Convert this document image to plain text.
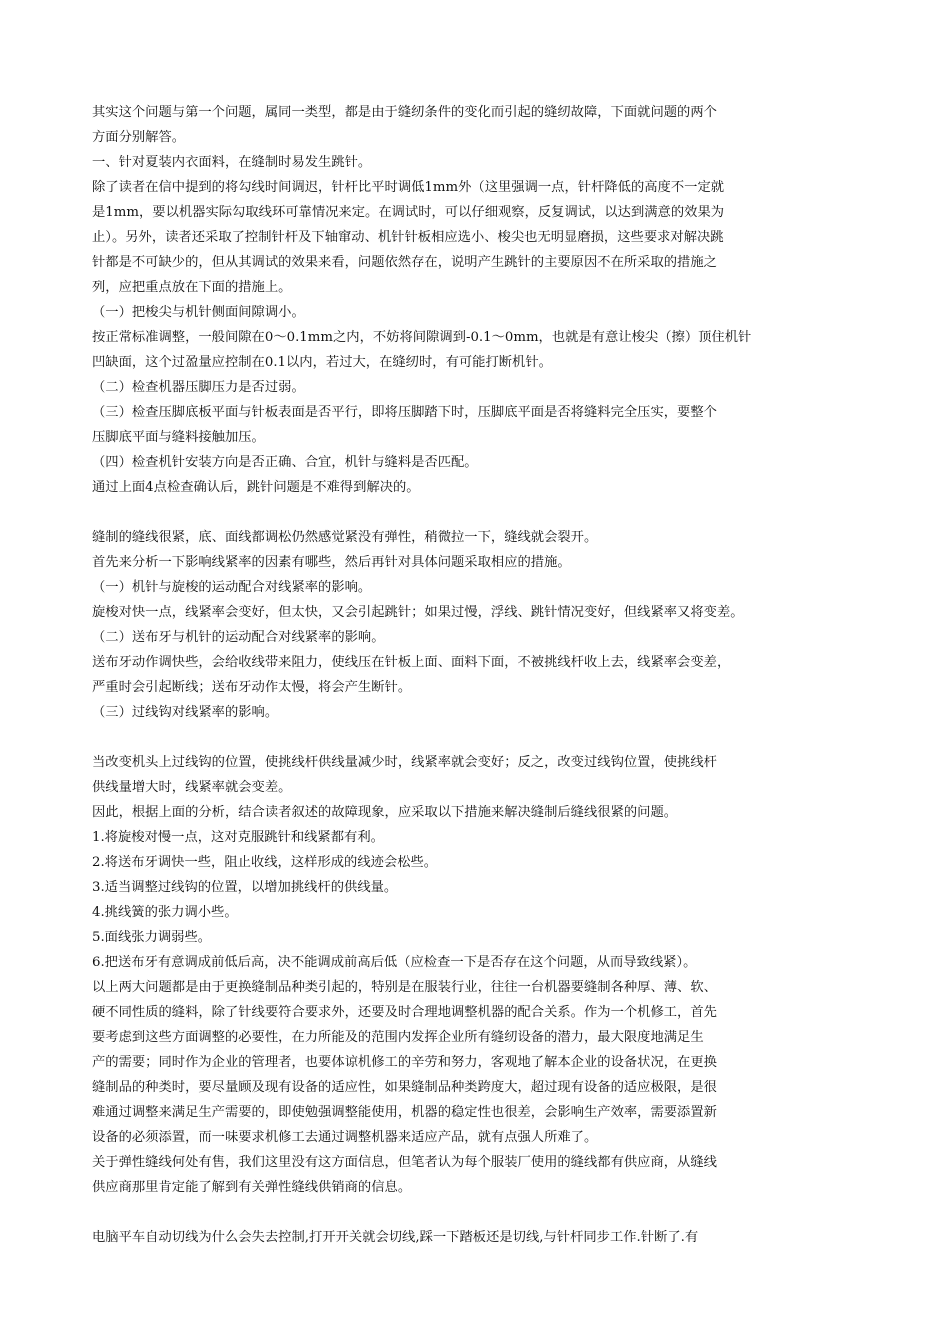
其实这个问题与第一个问题，属同一类型，都是由于缝纫条件的变化而引起的缝纫故障，下面就问题的两个

方面分别解答。

一、针对夏装内衣面料，在缝制时易发生跳针。

除了读者在信中提到的将勾线时间调迟，针杆比平时调低1mm外（这里强调一点，针杆降低的高度不一定就

是1mm，要以机器实际勾取线环可靠情况来定。在调试时，可以仔细观察，反复调试，以达到满意的效果为

止）。另外，读者还采取了控制针杆及下轴窜动、机针针板相应选小、梭尖也无明显磨损，这些要求对解决跳

针都是不可缺少的，但从其调试的效果来看，问题依然存在，说明产生跳针的主要原因不在所采取的措施之

列，应把重点放在下面的措施上。

（一）把梭尖与机针侧面间隙调小。

按正常标准调整，一般间隙在0～0.1mm之内，不妨将间隙调到-0.1～0mm，也就是有意让梭尖（擦）顶住机针

凹缺面，这个过盈量应控制在0.1以内，若过大，在缝纫时，有可能打断机针。

（二）检查机器压脚压力是否过弱。

（三）检查压脚底板平面与针板表面是否平行，即将压脚踏下时，压脚底平面是否将缝料完全压实，要整个

压脚底平面与缝料接触加压。

（四）检查机针安装方向是否正确、合宜，机针与缝料是否匹配。

通过上面4点检查确认后，跳针问题是不难得到解决的。

缝制的缝线很紧，底、面线都调松仍然感觉紧没有弹性，稍微拉一下，缝线就会裂开。

首先来分析一下影响线紧率的因素有哪些，然后再针对具体问题采取相应的措施。

（一）机针与旋梭的运动配合对线紧率的影响。

旋梭对快一点，线紧率会变好，但太快，又会引起跳针；如果过慢，浮线、跳针情况变好，但线紧率又将变差。

（二）送布牙与机针的运动配合对线紧率的影响。

送布牙动作调快些，会给收线带来阻力，使线压在针板上面、面料下面，不被挑线杆收上去，线紧率会变差，

严重时会引起断线；送布牙动作太慢，将会产生断针。

（三）过线钩对线紧率的影响。

当改变机头上过线钩的位置，使挑线杆供线量减少时，线紧率就会变好；反之，改变过线钩位置，使挑线杆

供线量增大时，线紧率就会变差。

因此，根据上面的分析，结合读者叙述的故障现象，应采取以下措施来解决缝制后缝线很紧的问题。

1.将旋梭对慢一点，这对克服跳针和线紧都有利。

2.将送布牙调快一些，阻止收线，这样形成的线迹会松些。

3.适当调整过线钩的位置，以增加挑线杆的供线量。

4.挑线簧的张力调小些。

5.面线张力调弱些。

6.把送布牙有意调成前低后高，决不能调成前高后低（应检查一下是否存在这个问题，从而导致线紧）。

以上两大问题都是由于更换缝制品种类引起的，特别是在服装行业，往往一台机器要缝制各种厚、薄、软、

硬不同性质的缝料，除了针线要符合要求外，还要及时合理地调整机器的配合关系。作为一个机修工，首先

要考虑到这些方面调整的必要性，在力所能及的范围内发挥企业所有缝纫设备的潜力，最大限度地满足生

产的需要；同时作为企业的管理者，也要体谅机修工的辛劳和努力，客观地了解本企业的设备状况，在更换

缝制品的种类时，要尽量顾及现有设备的适应性，如果缝制品种类跨度大，超过现有设备的适应极限，是很

难通过调整来满足生产需要的，即使勉强调整能使用，机器的稳定性也很差，会影响生产效率，需要添置新

设备的必须添置，而一味要求机修工去通过调整机器来适应产品，就有点强人所难了。

关于弹性缝线何处有售，我们这里没有这方面信息，但笔者认为每个服装厂使用的缝线都有供应商，从缝线

供应商那里肯定能了解到有关弹性缝线供销商的信息。

电脑平车自动切线为什么会失去控制,打开开关就会切线,踩一下踏板还是切线,与针杆同步工作.针断了.有
